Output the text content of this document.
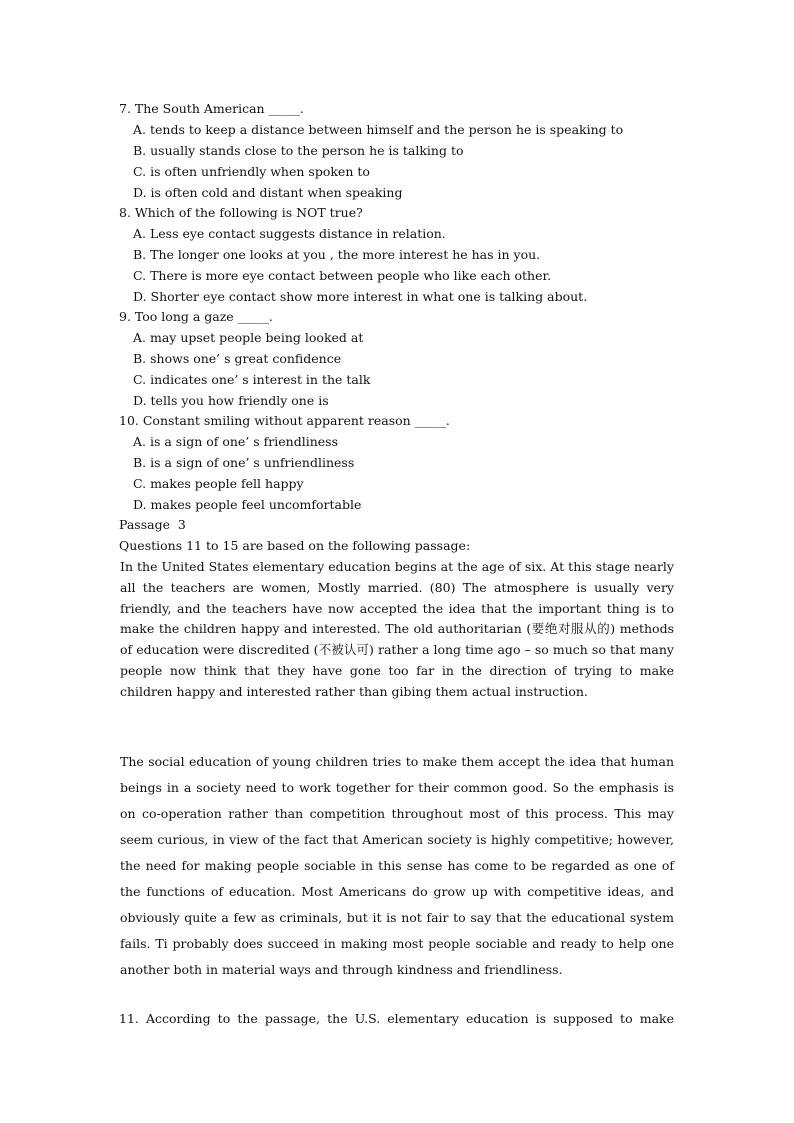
7. The South American _____.
A. tends to keep a distance between himself and the person he is speaking to
B. usually stands close to the person he is talking to
C. is often unfriendly when spoken to
D. is often cold and distant when speaking
8. Which of the following is NOT true?
A. Less eye contact suggests distance in relation.
B. The longer one looks at you , the more interest he has in you.
C. There is more eye contact between people who like each other.
D. Shorter eye contact show more interest in what one is talking about.
9. Too long a gaze _____.
A. may upset people being looked at
B. shows one’ s great confidence
C. indicates one’ s interest in the talk
D. tells you how friendly one is
10. Constant smiling without apparent reason _____.
A. is a sign of one’ s friendliness
B. is a sign of one’ s unfriendliness
C. makes people fell happy
D. makes people feel uncomfortable
Passage  3
Questions 11 to 15 are based on the following passage:
In the United States elementary education begins at the age of six. At this stage nearly all the teachers are women, Mostly married. (80) The atmosphere is usually very friendly, and the teachers have now accepted the idea that the important thing is to make the children happy and interested. The old authoritarian (要绝对服从的) methods of education were discredited (不被认可) rather a long time ago – so much so that many people now think that they have gone too far in the direction of trying to make children happy and interested rather than gibing them actual instruction.
The social education of young children tries to make them accept the idea that human beings in a society need to work together for their common good. So the emphasis is on co-operation rather than competition throughout most of this process. This may seem curious, in view of the fact that American society is highly competitive; however, the need for making people sociable in this sense has come to be regarded as one of the functions of education. Most Americans do grow up with competitive ideas, and obviously quite a few as criminals, but it is not fair to say that the educational system fails. Ti probably does succeed in making most people sociable and ready to help one another both in material ways and through kindness and friendliness.
11. According to the passage, the U.S. elementary education is supposed to make
